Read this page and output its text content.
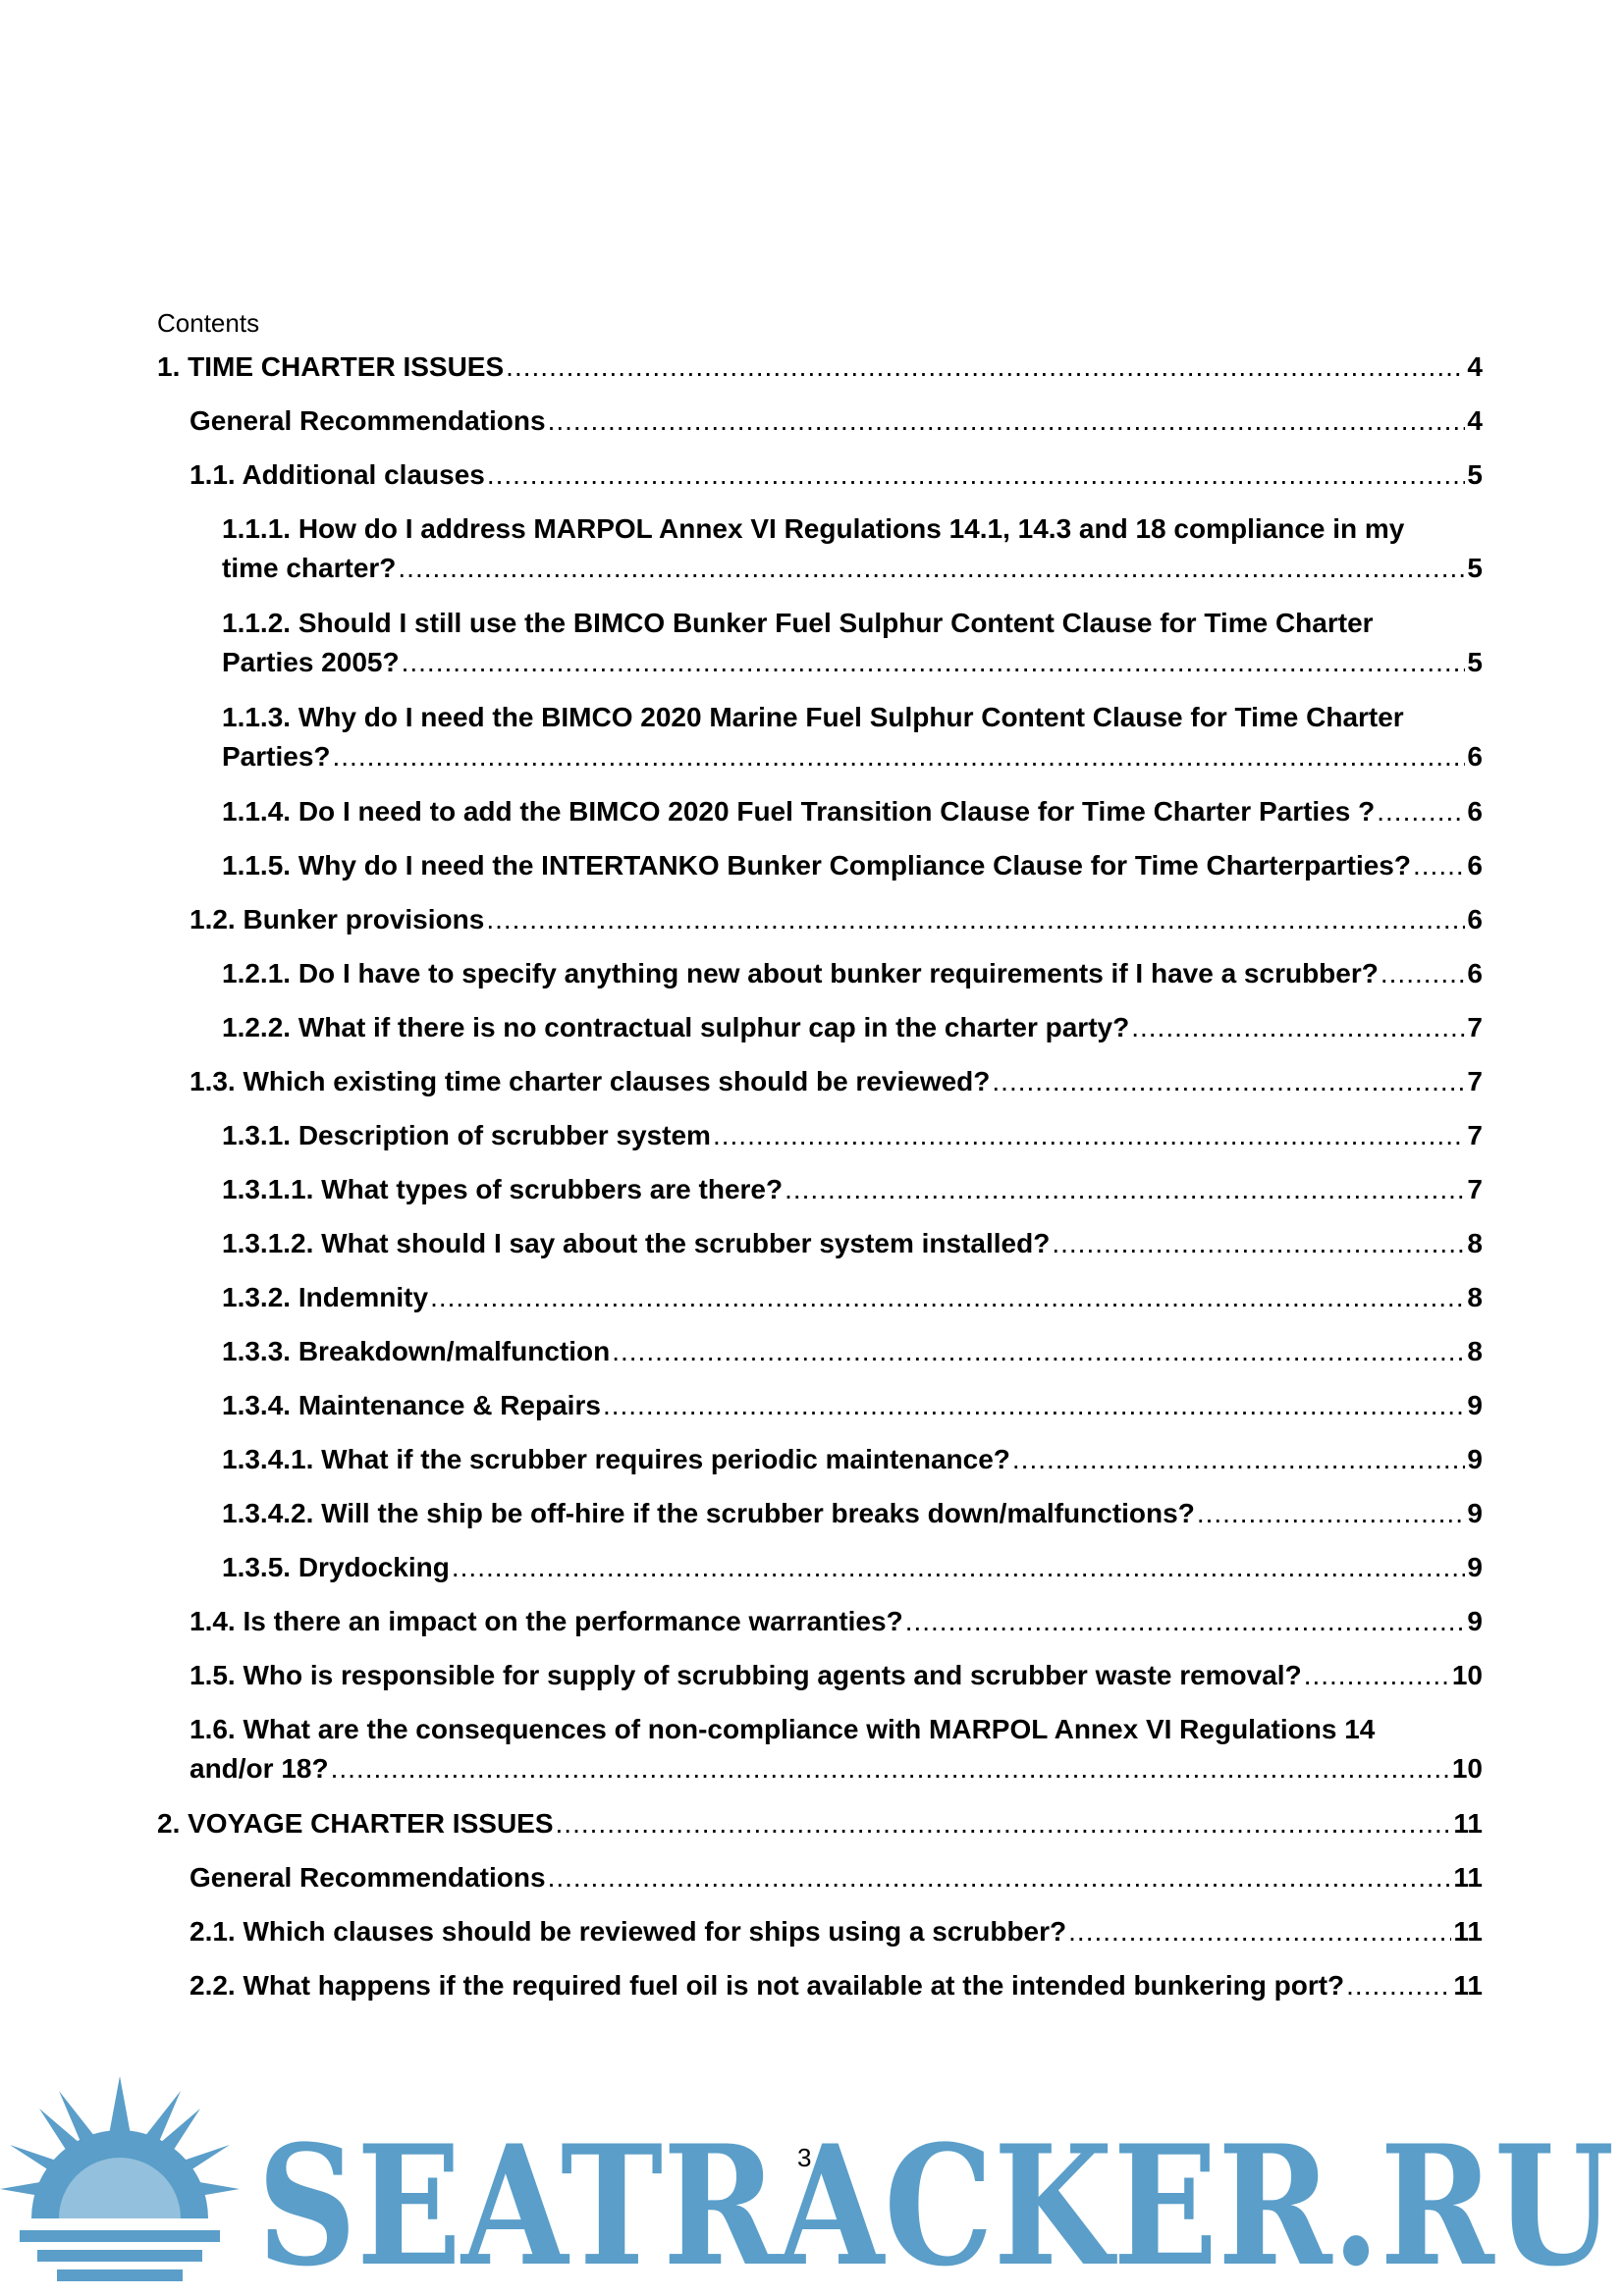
Contents
1. TIME CHARTER ISSUES .....	4
General Recommendations .....	4
1.1. Additional clauses .....	5
1.1.1. How do I address MARPOL Annex VI Regulations 14.1, 14.3 and 18 compliance in my
time charter? .....	5
1.1.2. Should I still use the BIMCO Bunker Fuel Sulphur Content Clause for Time Charter
Parties 2005? .....	5
1.1.3. Why do I need the BIMCO 2020 Marine Fuel Sulphur Content Clause for Time Charter
Parties? .....	6
1.1.4. Do I need to add the BIMCO 2020 Fuel Transition Clause for Time Charter Parties ? .....	6
1.1.5. Why do I need the INTERTANKO Bunker Compliance Clause for Time Charterparties? ..... 6
1.2. Bunker provisions .....	6
1.2.1. Do I have to specify anything new about bunker requirements if I have a scrubber? .....	6
1.2.2. What if there is no contractual sulphur cap in the charter party? .....	7
1.3. Which existing time charter clauses should be reviewed? .....	7
1.3.1. Description of scrubber system .....	7
1.3.1.1. What types of scrubbers are there? .....	7
1.3.1.2. What should I say about the scrubber system installed? .....	8
1.3.2. Indemnity .....	8
1.3.3. Breakdown/malfunction .....	8
1.3.4. Maintenance & Repairs .....	9
1.3.4.1. What if the scrubber requires periodic maintenance? .....	9
1.3.4.2. Will the ship be off-hire if the scrubber breaks down/malfunctions? .....	9
1.3.5. Drydocking .....	9
1.4. Is there an impact on the performance warranties? .....	9
1.5. Who is responsible for supply of scrubbing agents and scrubber waste removal? .....	10
1.6. What are the consequences of non-compliance with MARPOL Annex VI Regulations 14
and/or 18? .....	10
2. VOYAGE CHARTER ISSUES .....	11
General Recommendations .....	11
2.1. Which clauses should be reviewed for ships using a scrubber? .....	11
2.2. What happens if the required fuel oil is not available at the intended bunkering port? .....	11
SEATRACKER.RU
3
